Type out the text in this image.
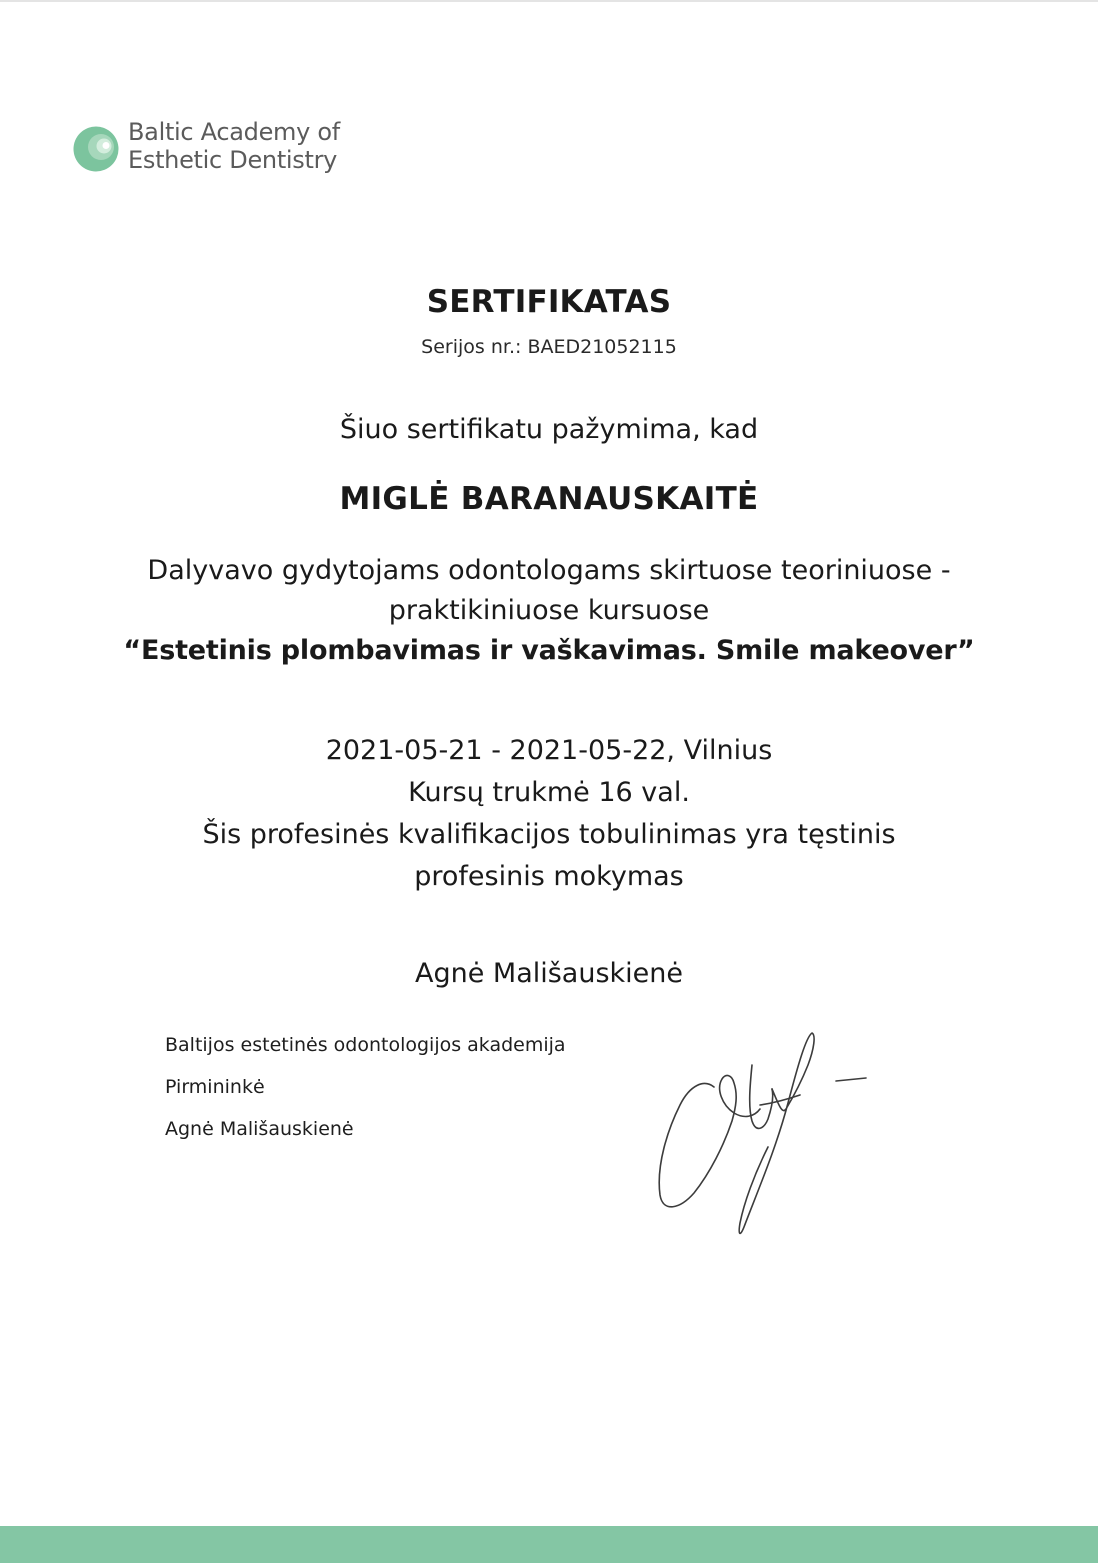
Baltic Academy of
Esthetic Dentistry
SERTIFIKATAS
Serijos nr.: BAED21052115
Šiuo sertifikatu pažymima, kad
MIGLĖ BARANAUSKAITĖ
Dalyvavo gydytojams odontologams skirtuose teoriniuose -
praktikiniuose kursuose
“Estetinis plombavimas ir vaškavimas. Smile makeover”
2021-05-21 - 2021-05-22, Vilnius
Kursų trukmė 16 val.
Šis profesinės kvalifikacijos tobulinimas yra tęstinis
profesinis mokymas
Agnė Mališauskienė
Baltijos estetinės odontologijos akademija
Pirmininkė
Agnė Mališauskienė
